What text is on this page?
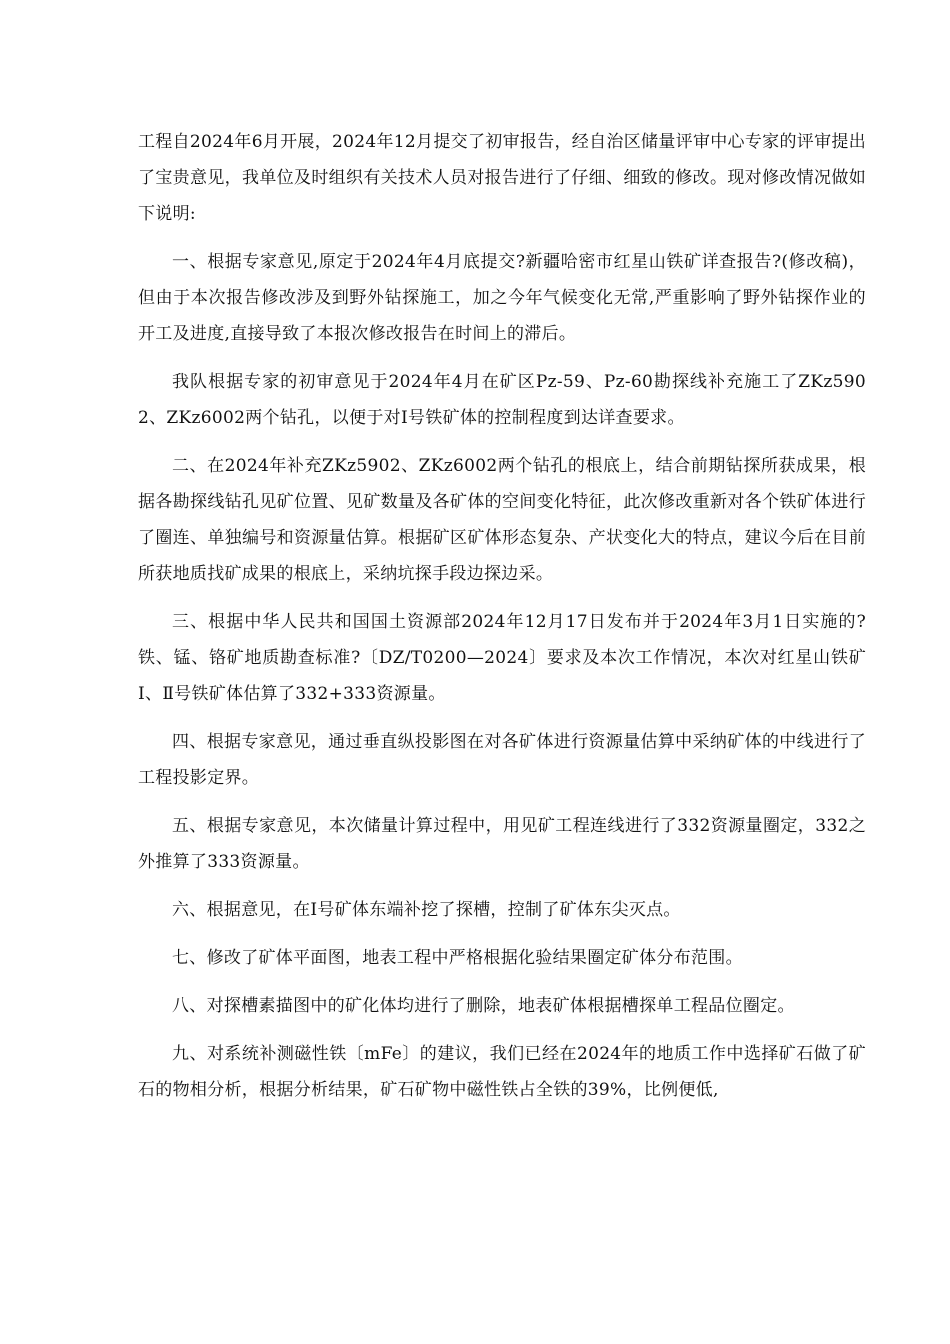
工程自2024年6月开展，2024年12月提交了初审报告，经自治区储量评审中心专家的评审提出了宝贵意见，我单位及时组织有关技术人员对报告进行了仔细、细致的修改。现对修改情况做如下说明:

一、根据专家意见,原定于2024年4月底提交?新疆哈密市红星山铁矿详查报告?(修改稿)，但由于本次报告修改涉及到野外钻探施工，加之今年气候变化无常,严重影响了野外钻探作业的开工及进度,直接导致了本报次修改报告在时间上的滞后。

我队根据专家的初审意见于2024年4月在矿区Pz-59、Pz-60勘探线补充施工了ZKz5902、ZKz6002两个钻孔，以便于对Ⅰ号铁矿体的控制程度到达详查要求。

二、在2024年补充ZKz5902、ZKz6002两个钻孔的根底上，结合前期钻探所获成果，根据各勘探线钻孔见矿位置、见矿数量及各矿体的空间变化特征，此次修改重新对各个铁矿体进行了圈连、单独编号和资源量估算。根据矿区矿体形态复杂、产状变化大的特点，建议今后在目前所获地质找矿成果的根底上，采纳坑探手段边探边采。

三、根据中华人民共和国国土资源部2024年12月17日发布并于2024年3月1日实施的?铁、锰、铬矿地质勘查标准?〔DZ/T0200—2024〕要求及本次工作情况，本次对红星山铁矿Ⅰ、Ⅱ号铁矿体估算了332+333资源量。

四、根据专家意见，通过垂直纵投影图在对各矿体进行资源量估算中采纳矿体的中线进行了工程投影定界。

五、根据专家意见，本次储量计算过程中，用见矿工程连线进行了332资源量圈定，332之外推算了333资源量。

六、根据意见，在Ⅰ号矿体东端补挖了探槽，控制了矿体东尖灭点。

七、修改了矿体平面图，地表工程中严格根据化验结果圈定矿体分布范围。

八、对探槽素描图中的矿化体均进行了删除，地表矿体根据槽探单工程品位圈定。

九、对系统补测磁性铁〔mFe〕的建议，我们已经在2024年的地质工作中选择矿石做了矿石的物相分析，根据分析结果，矿石矿物中磁性铁占全铁的39%，比例便低,
